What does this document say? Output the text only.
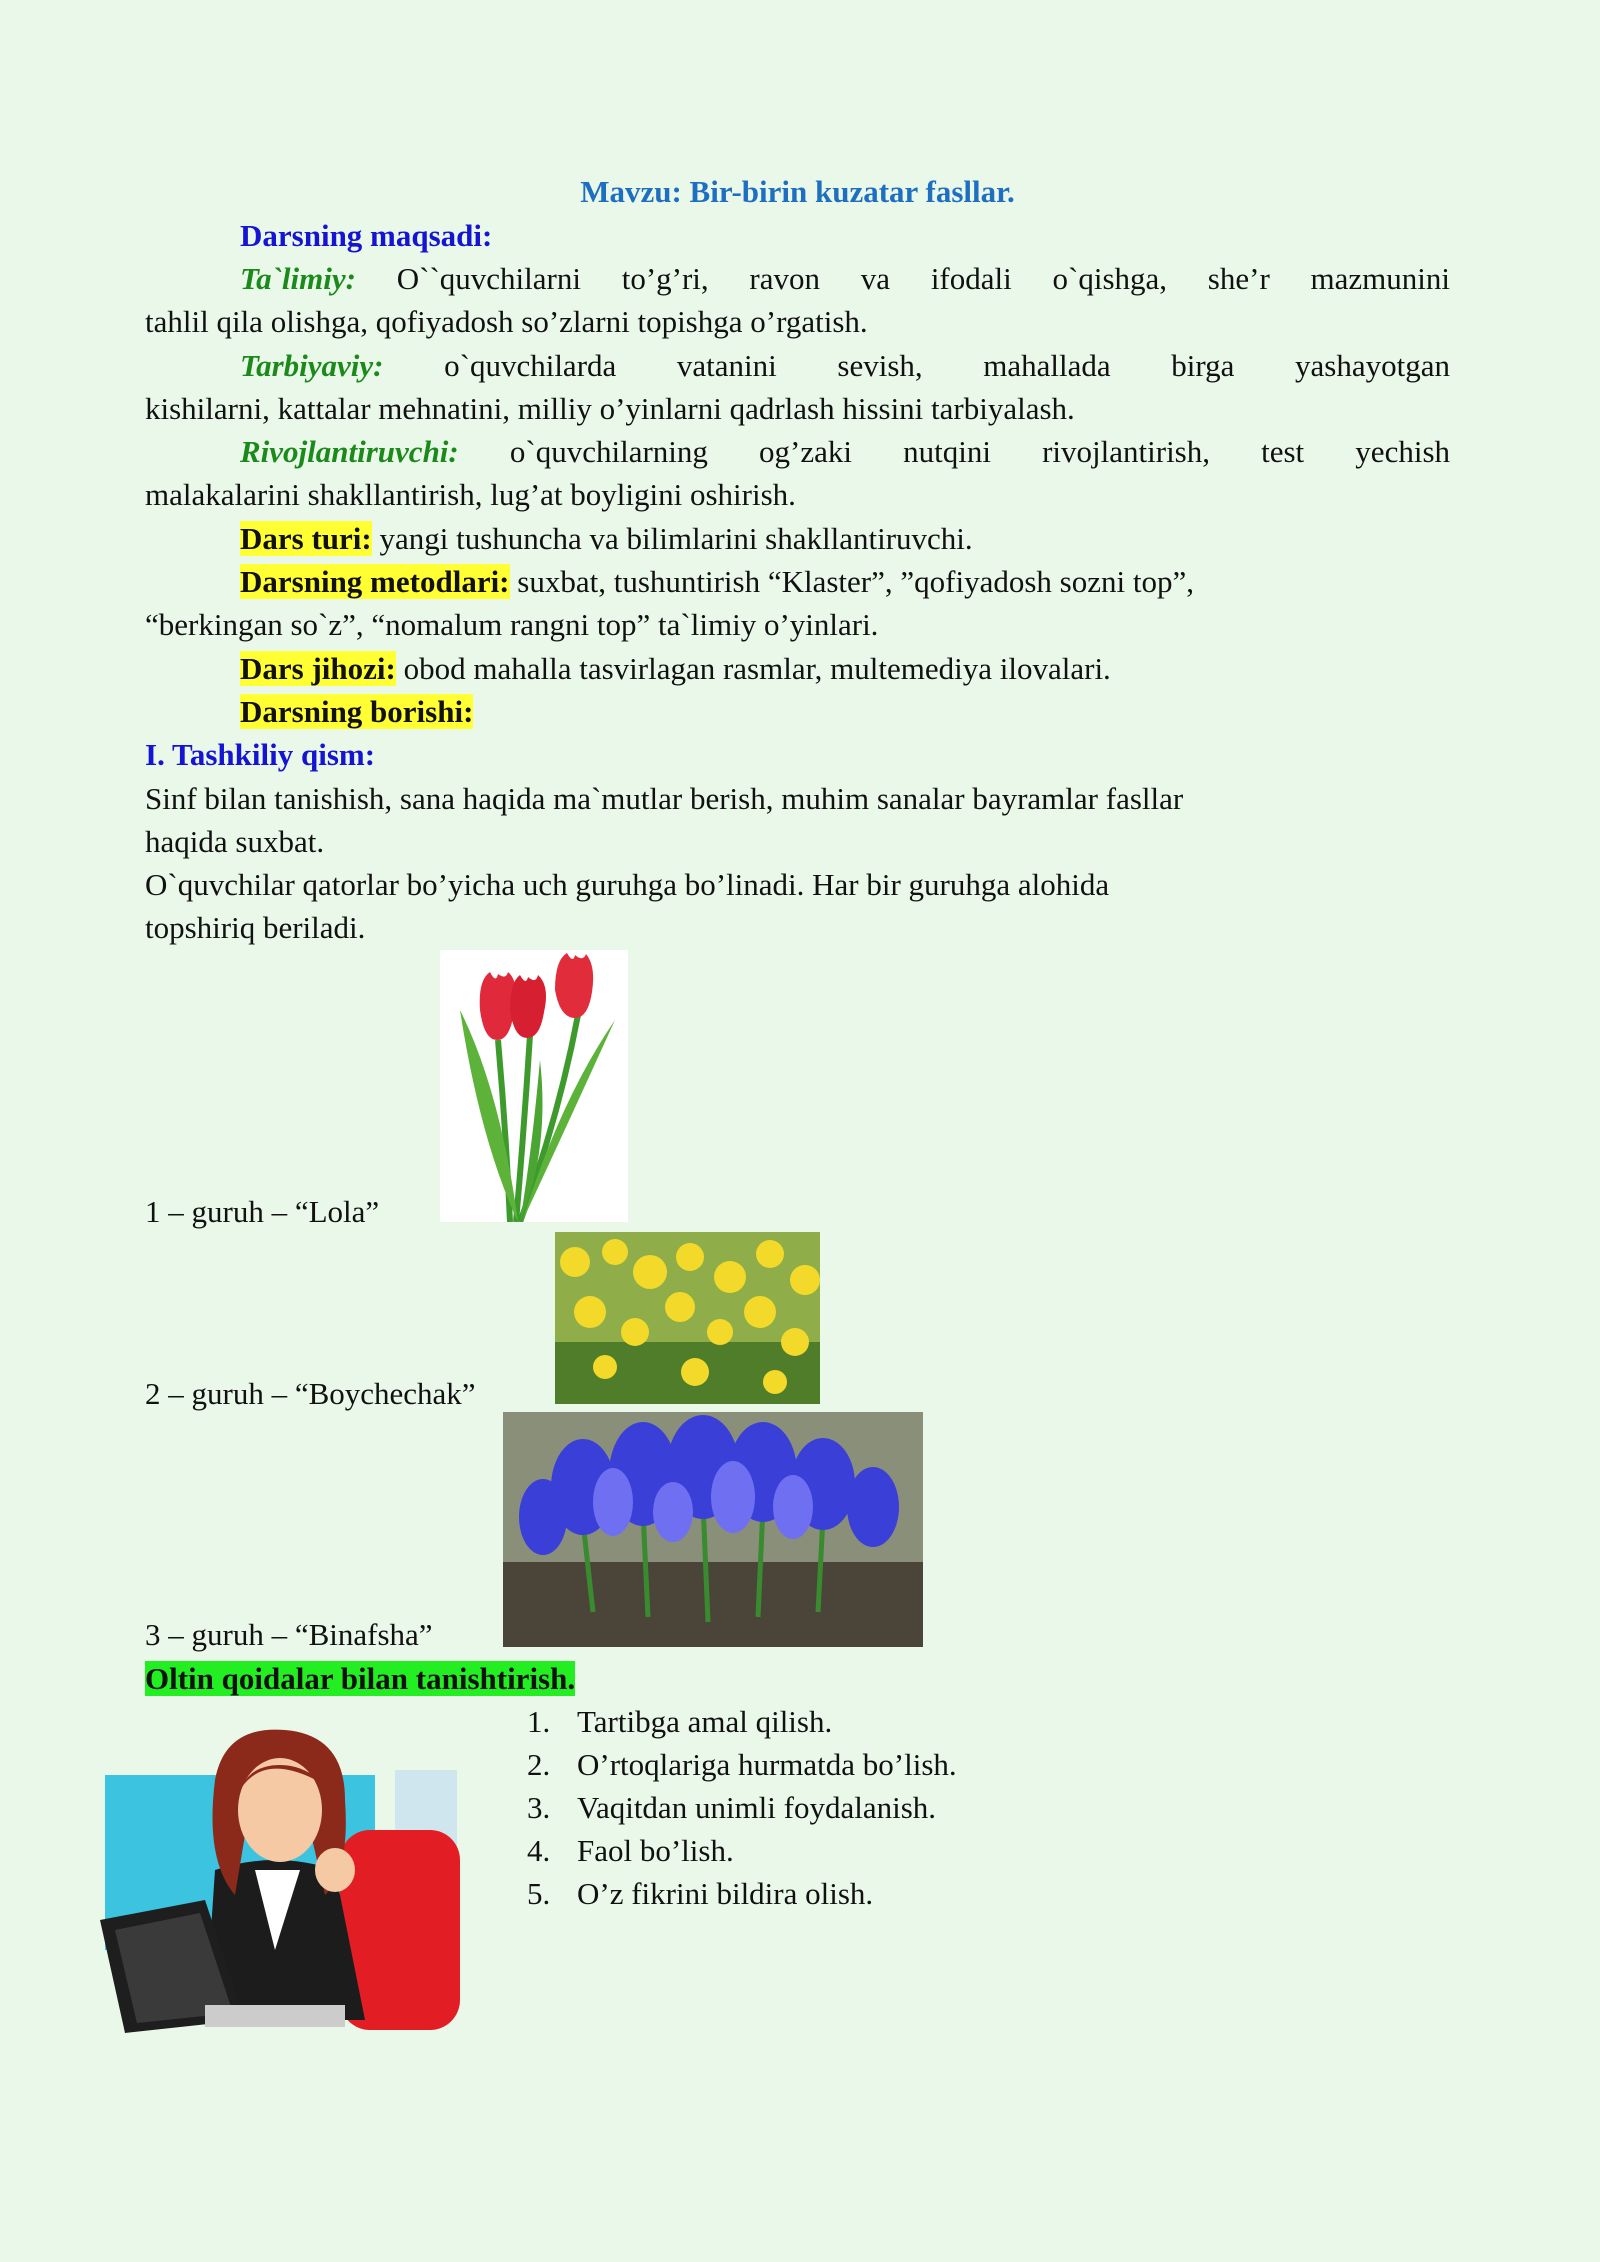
Mavzu: Bir-birin kuzatar fasllar.
Darsning maqsadi:
Ta`limiy: O``quvchilarni to’g’ri, ravon va ifodali o`qishga, she’r mazmunini
tahlil qila olishga, qofiyadosh so’zlarni topishga o’rgatish.
Tarbiyaviy: o`quvchilarda vatanini sevish, mahallada birga yashayotgan
kishilarni, kattalar mehnatini, milliy o’yinlarni qadrlash hissini tarbiyalash.
Rivojlantiruvchi: o`quvchilarning og’zaki nutqini rivojlantirish, test yechish
malakalarini shakllantirish, lug’at boyligini oshirish.
Dars turi: yangi tushuncha va bilimlarini shakllantiruvchi.
Darsning metodlari: suxbat, tushuntirish “Klaster”, ”qofiyadosh sozni top”,
“berkingan so`z”, “nomalum rangni top” ta`limiy o’yinlari.
Dars jihozi: obod mahalla tasvirlagan rasmlar, multemediya ilovalari.
Darsning borishi:
I. Tashkiliy qism:
Sinf bilan tanishish, sana haqida ma`mutlar berish, muhim sanalar bayramlar fasllar
haqida suxbat.
O`quvchilar qatorlar bo’yicha uch guruhga bo’linadi. Har bir guruhga alohida
topshiriq beriladi.
1 – guruh – “Lola”
2 – guruh – “Boychechak”
3 – guruh – “Binafsha”
Oltin qoidalar bilan tanishtirish.
1. Tartibga amal qilish.
2. O’rtoqlariga hurmatda bo’lish.
3. Vaqitdan unimli foydalanish.
4. Faol bo’lish.
5. O’z fikrini bildira olish.
